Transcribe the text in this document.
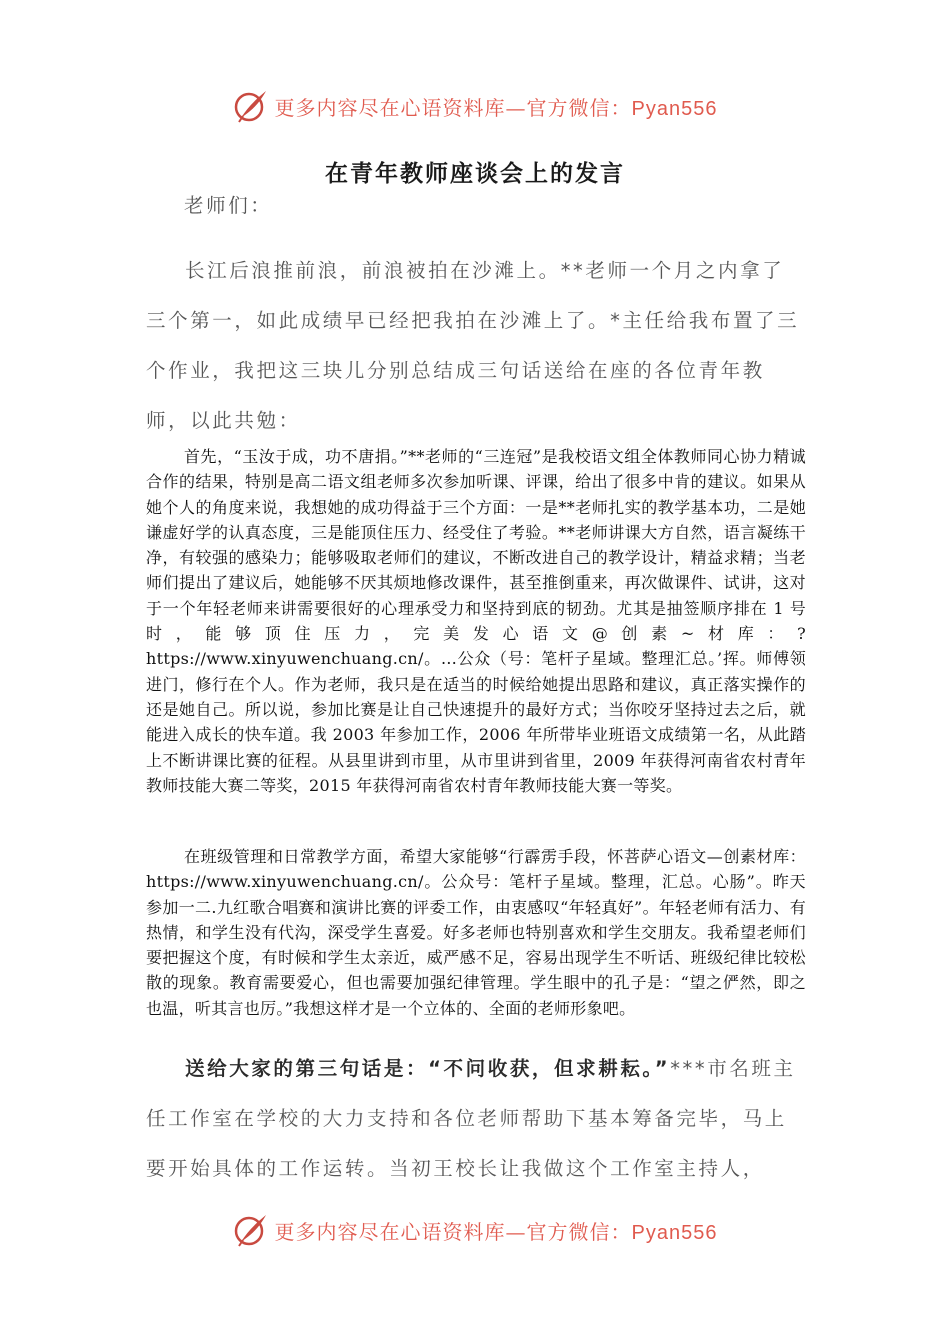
更多内容尽在心语资料库—官方微信：Pyan556
在青年教师座谈会上的发言
老师们：
长江后浪推前浪，前浪被拍在沙滩上。**老师一个月之内拿了三个第一，如此成绩早已经把我拍在沙滩上了。*主任给我布置了三个作业，我把这三块儿分别总结成三句话送给在座的各位青年教师，以此共勉：
首先，“玉汝于成，功不唐捐。”**老师的“三连冠”是我校语文组全体教师同心协力精诚合作的结果，特别是高二语文组老师多次参加听课、评课，给出了很多中肯的建议。如果从她个人的角度来说，我想她的成功得益于三个方面：一是**老师扎实的教学基本功，二是她谦虚好学的认真态度，三是能顶住压力、经受住了考验。**老师讲课大方自然，语言凝练干净，有较强的感染力；能够吸取老师们的建议，不断改进自己的教学设计，精益求精；当老师们提出了建议后，她能够不厌其烦地修改课件，甚至推倒重来，再次做课件、试讲，这对于一个年轻老师来讲需要很好的心理承受力和坚持到底的韧劲。尤其是抽签顺序排在 1 号时，能够顶住压力，完美发心语文@创素~材库：?https://www.xinyuwenchuang.cn/。…公众（号：笔杆子星域。整理汇总。’挥。师傅领进门，修行在个人。作为老师，我只是在适当的时候给她提出思路和建议，真正落实操作的还是她自己。所以说，参加比赛是让自己快速提升的最好方式；当你咬牙坚持过去之后，就能进入成长的快车道。我 2003 年参加工作，2006 年所带毕业班语文成绩第一名，从此踏上不断讲课比赛的征程。从县里讲到市里，从市里讲到省里，2009 年获得河南省农村青年教师技能大赛二等奖，2015 年获得河南省农村青年教师技能大赛一等奖。
在班级管理和日常教学方面，希望大家能够“行霹雳手段，怀菩萨心语文—创素材库：https://www.xinyuwenchuang.cn/。公众号：笔杆子星域。整理，汇总。心肠”。昨天参加一二.九红歌合唱赛和演讲比赛的评委工作，由衷感叹“年轻真好”。年轻老师有活力、有热情，和学生没有代沟，深受学生喜爱。好多老师也特别喜欢和学生交朋友。我希望老师们要把握这个度，有时候和学生太亲近，威严感不足，容易出现学生不听话、班级纪律比较松散的现象。教育需要爱心，但也需要加强纪律管理。学生眼中的孔子是：“望之俨然，即之也温，听其言也厉。”我想这样才是一个立体的、全面的老师形象吧。
送给大家的第三句话是：“不问收获，但求耕耘。”***市名班主任工作室在学校的大力支持和各位老师帮助下基本筹备完毕，马上要开始具体的工作运转。当初王校长让我做这个工作室主持人，
更多内容尽在心语资料库—官方微信：Pyan556
